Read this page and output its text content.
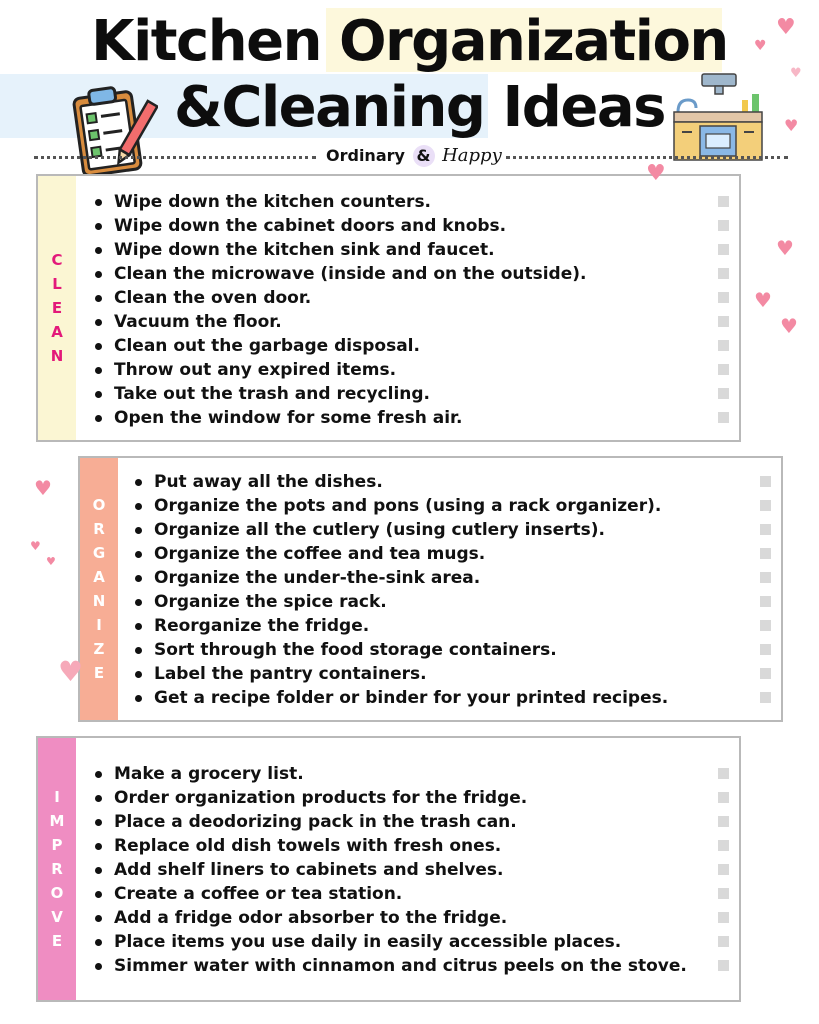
Kitchen Organization
&Cleaning Ideas
Ordinary & Happy
C
L
E
A
N
Wipe down the kitchen counters.
Wipe down the cabinet doors and knobs.
Wipe down the kitchen sink and faucet.
Clean the microwave (inside and on the outside).
Clean the oven door.
Vacuum the floor.
Clean out the garbage disposal.
Throw out any expired items.
Take out the trash and recycling.
Open the window for some fresh air.
O
R
G
A
N
I
Z
E
Put away all the dishes.
Organize the pots and pons (using a rack organizer).
Organize all the cutlery (using cutlery inserts).
Organize the coffee and tea mugs.
Organize the under-the-sink area.
Organize the spice rack.
Reorganize the fridge.
Sort through the food storage containers.
Label the pantry containers.
Get a recipe folder or binder for your printed recipes.
I
M
P
R
O
V
E
Make a grocery list.
Order organization products for the fridge.
Place a deodorizing pack in the trash can.
Replace old dish towels with fresh ones.
Add shelf liners to cabinets and shelves.
Create a coffee or tea station.
Add a fridge odor absorber to the fridge.
Place items you use daily in easily accessible places.
Simmer water with cinnamon and citrus peels on the stove.
♥
♥
♥
♥
♥
♥
♥
♥
♥
♥
♥
♥
